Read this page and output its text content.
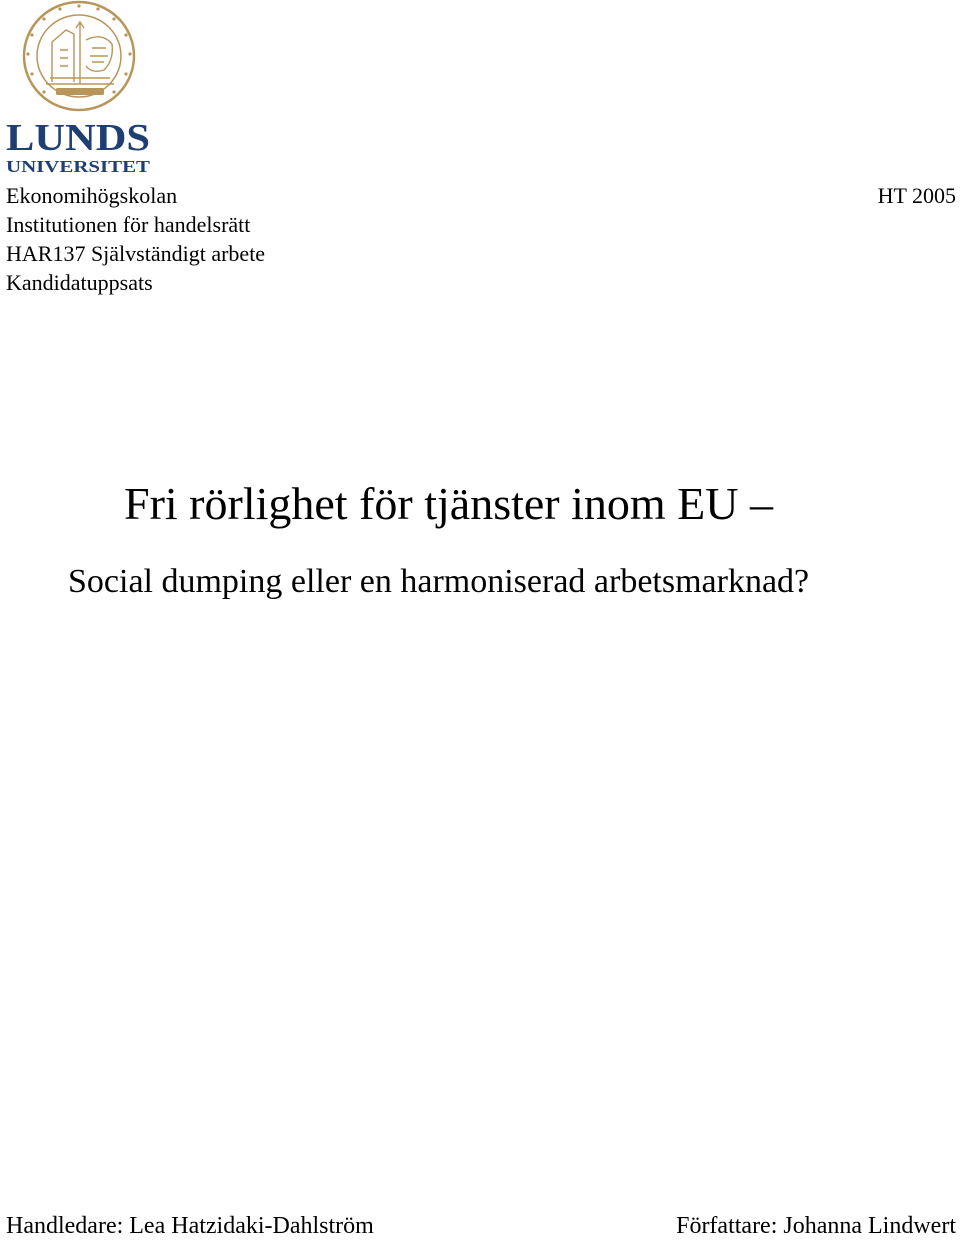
LUNDS
UNIVERSITET
Ekonomihögskolan
Institutionen för handelsrätt
HAR137 Självständigt arbete
Kandidatuppsats
HT 2005
Fri rörlighet för tjänster inom EU –
Social dumping eller en harmoniserad arbetsmarknad?
Handledare: Lea Hatzidaki-Dahlström	Författare: Johanna Lindwert
